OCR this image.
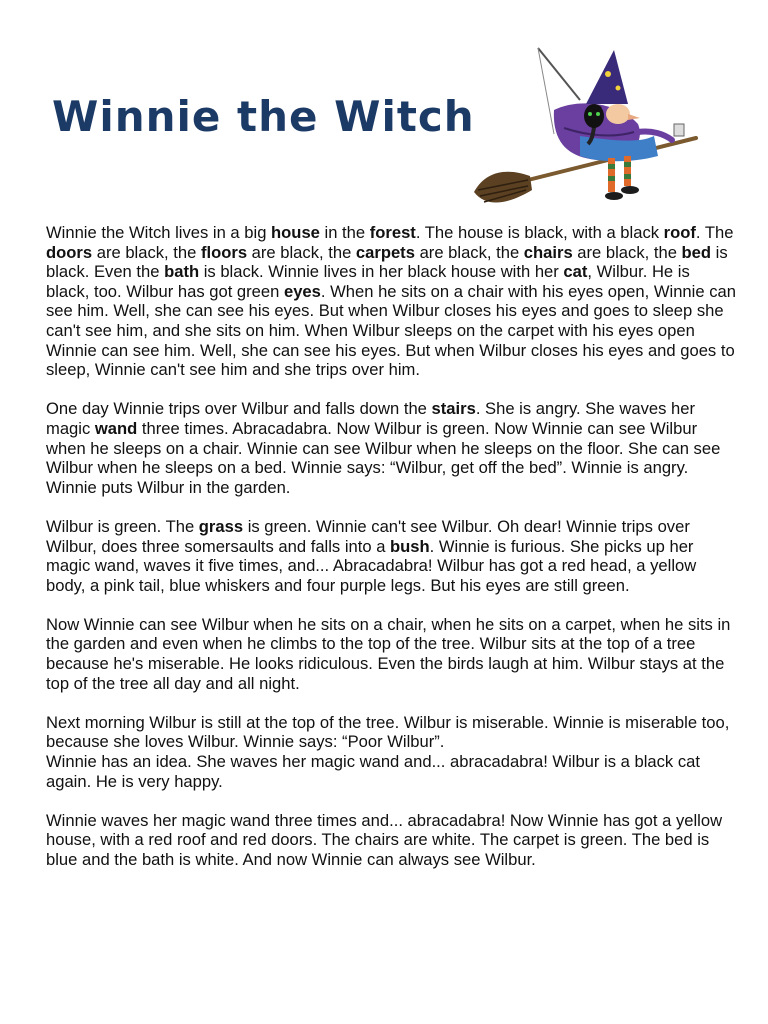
Winnie the Witch

Winnie the Witch lives in a big house in the forest. The house is black, with a black roof. The doors are black, the floors are black, the carpets are black, the chairs are black, the bed is black. Even the bath is black. Winnie lives in her black house with her cat, Wilbur. He is black, too. Wilbur has got green eyes. When he sits on a chair with his eyes open, Winnie can see him. Well, she can see his eyes. But when Wilbur closes his eyes and goes to sleep she can't see him, and she sits on him. When Wilbur sleeps on the carpet with his eyes open Winnie can see him. Well, she can see his eyes. But when Wilbur closes his eyes and goes to sleep, Winnie can't see him and she trips over him.

One day Winnie trips over Wilbur and falls down the stairs. She is angry. She waves her magic wand three times. Abracadabra. Now Wilbur is green. Now Winnie can see Wilbur when he sleeps on a chair. Winnie can see Wilbur when he sleeps on the floor. She can see Wilbur when he sleeps on a bed. Winnie says: “Wilbur, get off the bed”. Winnie is angry. Winnie puts Wilbur in the garden.

Wilbur is green. The grass is green. Winnie can't see Wilbur. Oh dear! Winnie trips over Wilbur, does three somersaults and falls into a bush. Winnie is furious. She picks up her magic wand, waves it five times, and... Abracadabra! Wilbur has got a red head, a yellow body, a pink tail, blue whiskers and four purple legs. But his eyes are still green.

Now Winnie can see Wilbur when he sits on a chair, when he sits on a carpet, when he sits in the garden and even when he climbs to the top of the tree. Wilbur sits at the top of a tree because he's miserable. He looks ridiculous. Even the birds laugh at him. Wilbur stays at the top of the tree all day and all night.

Next morning Wilbur is still at the top of the tree. Wilbur is miserable. Winnie is miserable too, because she loves Wilbur. Winnie says: “Poor Wilbur”.
Winnie has an idea. She waves her magic wand and... abracadabra! Wilbur is a black cat again. He is very happy.

Winnie waves her magic wand three times and... abracadabra! Now Winnie has got a yellow house, with a red roof and red doors. The chairs are white. The carpet is green. The bed is blue and the bath is white. And now Winnie can always see Wilbur.
